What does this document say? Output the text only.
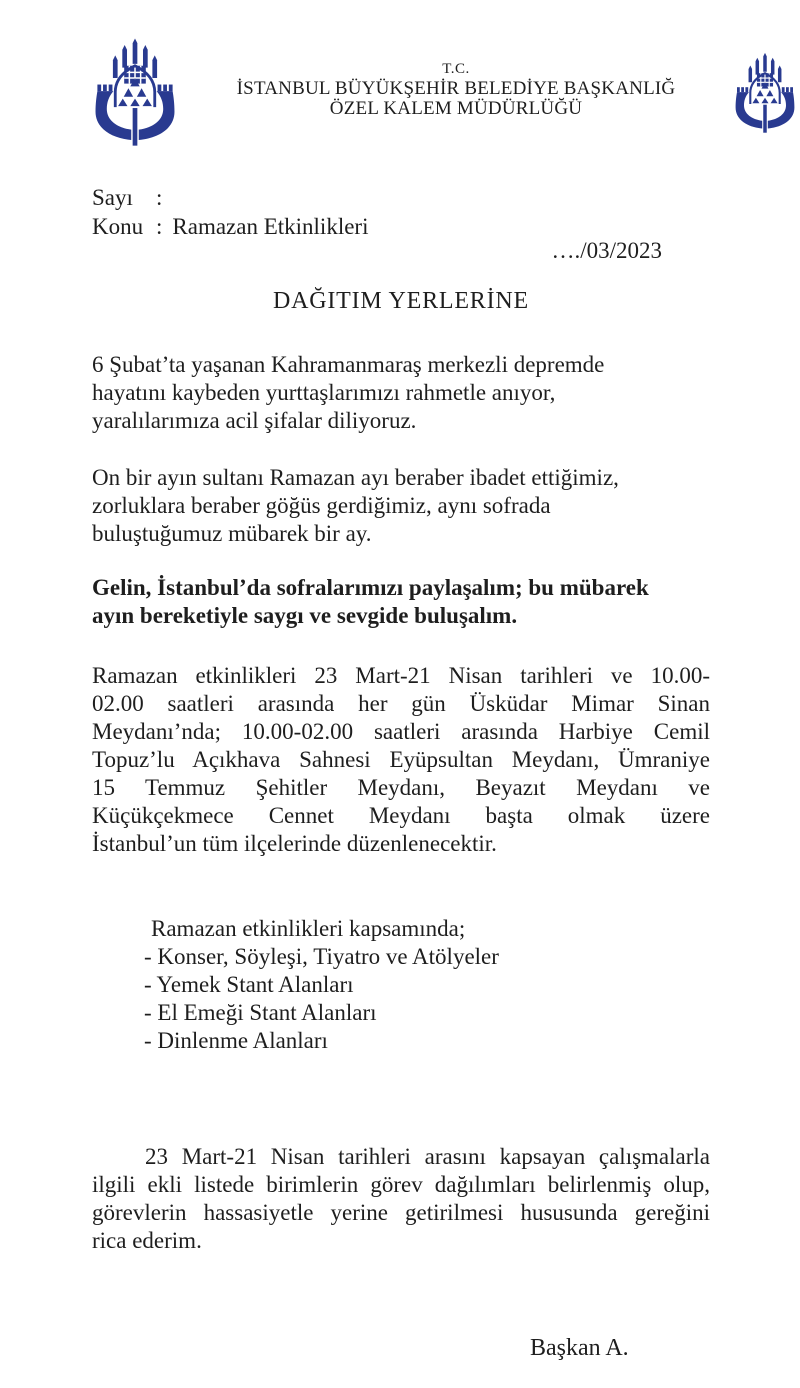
T.C.
İSTANBUL BÜYÜKŞEHİR BELEDİYE BAŞKANLIĞ
ÖZEL KALEM MÜDÜRLÜĞÜ
Sayı	:
Konu : Ramazan Etkinlikleri
…./03/2023
DAĞITIM YERLERİNE
6 Şubat’ta yaşanan Kahramanmaraş merkezli depremde
hayatını kaybeden yurttaşlarımızı rahmetle anıyor,
yaralılarımıza acil şifalar diliyoruz.
On bir ayın sultanı Ramazan ayı beraber ibadet ettiğimiz,
zorluklara beraber göğüs gerdiğimiz, aynı sofrada
buluştuğumuz mübarek bir ay.
Gelin, İstanbul’da sofralarımızı paylaşalım; bu mübarek
ayın bereketiyle saygı ve sevgide buluşalım.
Ramazan etkinlikleri 23 Mart-21 Nisan tarihleri ve 10.00-
02.00 saatleri arasında her gün Üsküdar Mimar Sinan
Meydanı’nda; 10.00-02.00 saatleri arasında Harbiye Cemil
Topuz’lu Açıkhava Sahnesi Eyüpsultan Meydanı, Ümraniye
15 Temmuz Şehitler Meydanı, Beyazıt Meydanı ve
Küçükçekmece Cennet Meydanı başta olmak üzere
İstanbul’un tüm ilçelerinde düzenlenecektir.
Ramazan etkinlikleri kapsamında;
- Konser, Söyleşi, Tiyatro ve Atölyeler
- Yemek Stant Alanları
- El Emeği Stant Alanları
- Dinlenme Alanları
23 Mart-21 Nisan tarihleri arasını kapsayan çalışmalarla
ilgili ekli listede birimlerin görev dağılımları belirlenmiş olup,
görevlerin hassasiyetle yerine getirilmesi hususunda gereğini
rica ederim.
Başkan A.
